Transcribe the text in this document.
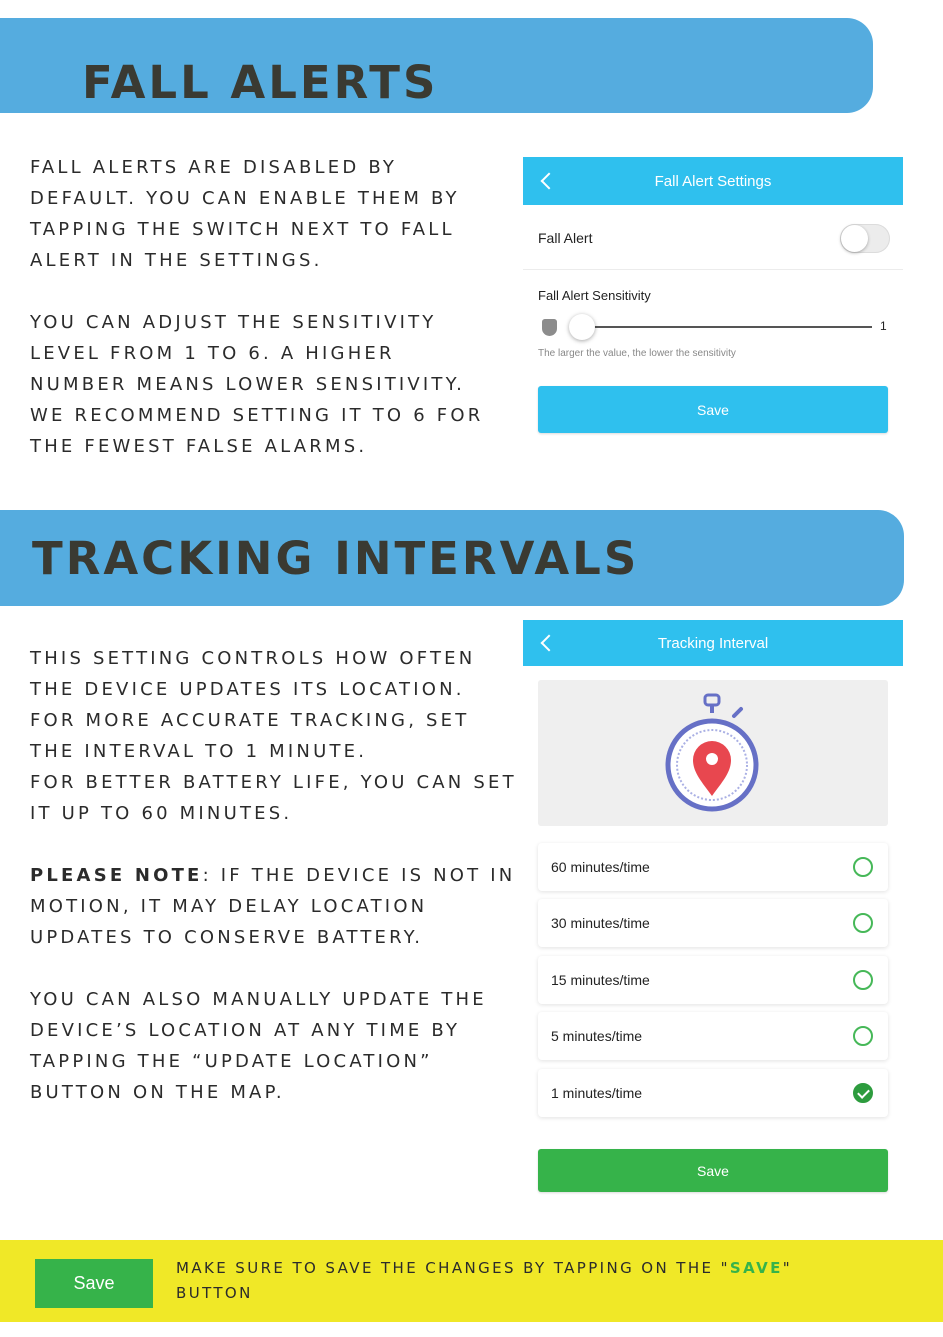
FALL ALERTS

FALL ALERTS ARE DISABLED BY DEFAULT. YOU CAN ENABLE THEM BY TAPPING THE SWITCH NEXT TO FALL ALERT IN THE SETTINGS.

YOU CAN ADJUST THE SENSITIVITY LEVEL FROM 1 TO 6. A HIGHER NUMBER MEANS LOWER SENSITIVITY. WE RECOMMEND SETTING IT TO 6 FOR THE FEWEST FALSE ALARMS.

Fall Alert Settings
Fall Alert
Fall Alert Sensitivity
1
The larger the value, the lower the sensitivity
Save
TRACKING INTERVALS

THIS SETTING CONTROLS HOW OFTEN THE DEVICE UPDATES ITS LOCATION.

FOR MORE ACCURATE TRACKING, SET THE INTERVAL TO 1 MINUTE.

FOR BETTER BATTERY LIFE, YOU CAN SET IT UP TO 60 MINUTES.

PLEASE NOTE: IF THE DEVICE IS NOT IN MOTION, IT MAY DELAY LOCATION UPDATES TO CONSERVE BATTERY.

YOU CAN ALSO MANUALLY UPDATE THE DEVICE’S LOCATION AT ANY TIME BY TAPPING THE “UPDATE LOCATION” BUTTON ON THE MAP.

Tracking Interval
60 minutes/time
30 minutes/time
15 minutes/time
5 minutes/time
1 minutes/time
Save
Save
MAKE SURE TO SAVE THE CHANGES BY TAPPING ON THE "SAVE" BUTTON
